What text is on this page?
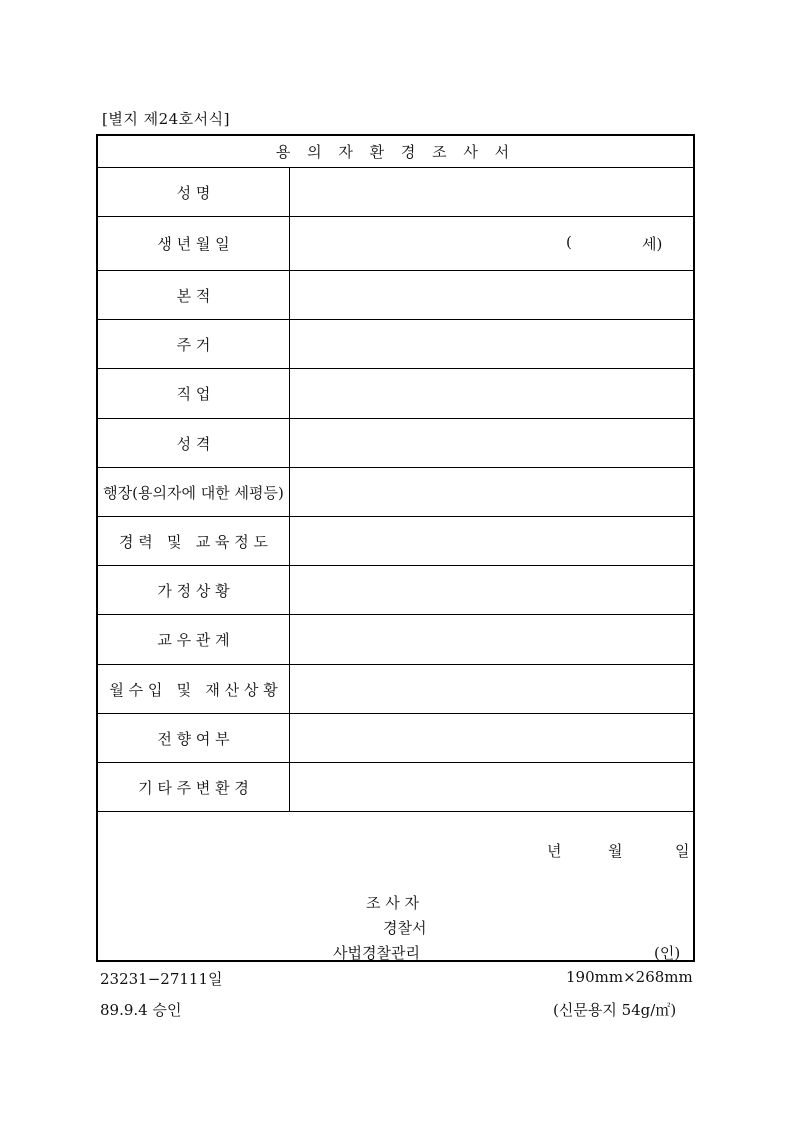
[별지 제24호서식]
용 의 자 환 경 조 사 서
성 명
생 년 월 일	(	세)
본 적
주 거
직 업
성 격
행장(용의자에 대한 세평등)
경 력   및   교 육 정 도
가 정 상 황
교 우 관 계
월 수 입   및   재 산 상 황
전 향 여 부
기 타 주 변 환 경
년	월	일
조 사 자
경찰서
사법경찰관리	(인)
23231−27111일	190mm×268mm
89.9.4 승인	(신문용지 54g/㎡)
